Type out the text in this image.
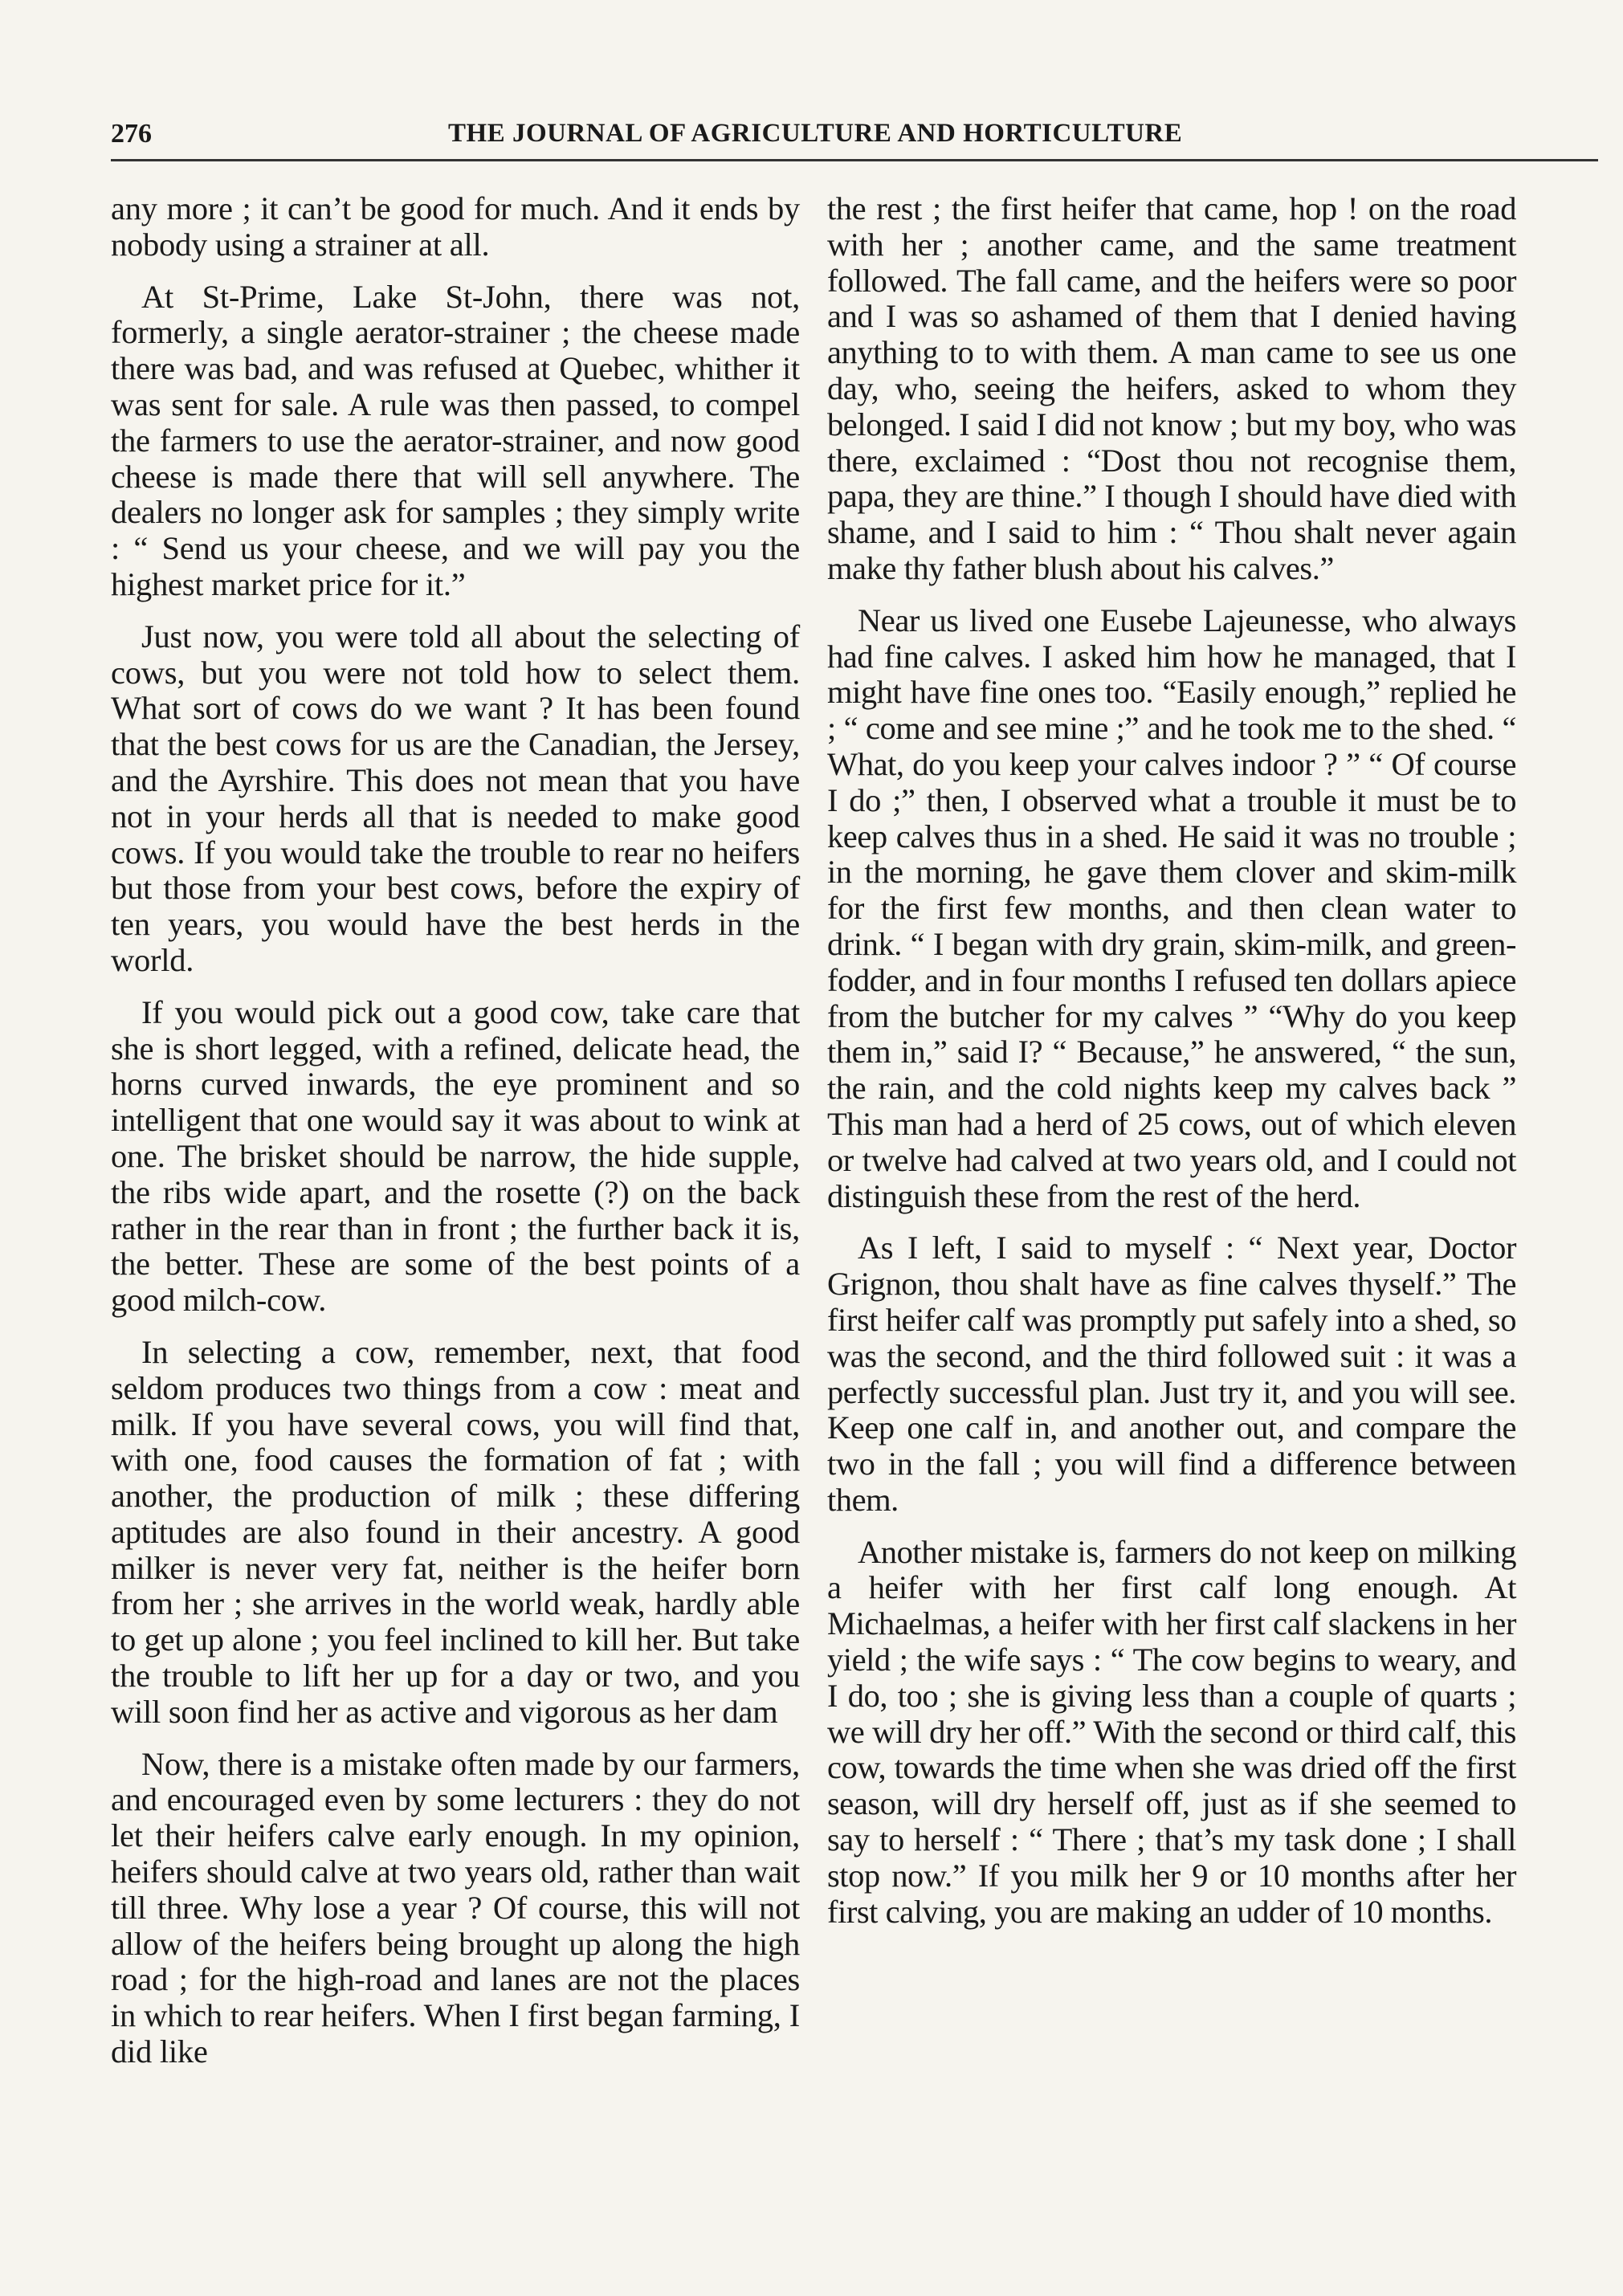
276	THE JOURNAL OF AGRICULTURE AND HORTICULTURE

any more ; it can’t be good for much. And it ends by nobody using a strainer at all.

At St-Prime, Lake St-John, there was not, formerly, a single aerator-strainer ; the cheese made there was bad, and was refused at Quebec, whither it was sent for sale. A rule was then passed, to compel the farmers to use the aerator-strainer, and now good cheese is made there that will sell anywhere. The dealers no longer ask for samples ; they simply write : “ Send us your cheese, and we will pay you the highest market price for it.”

Just now, you were told all about the selecting of cows, but you were not told how to select them. What sort of cows do we want ? It has been found that the best cows for us are the Canadian, the Jersey, and the Ayrshire. This does not mean that you have not in your herds all that is needed to make good cows. If you would take the trouble to rear no heifers but those from your best cows, before the expiry of ten years, you would have the best herds in the world.

If you would pick out a good cow, take care that she is short legged, with a refined, delicate head, the horns curved inwards, the eye prominent and so intelligent that one would say it was about to wink at one. The brisket should be narrow, the hide supple, the ribs wide apart, and the rosette (?) on the back rather in the rear than in front ; the further back it is, the better. These are some of the best points of a good milch-cow.

In selecting a cow, remember, next, that food seldom produces two things from a cow : meat and milk. If you have several cows, you will find that, with one, food causes the formation of fat ; with another, the production of milk ; these differing aptitudes are also found in their ancestry. A good milker is never very fat, neither is the heifer born from her ; she arrives in the world weak, hardly able to get up alone ; you feel inclined to kill her. But take the trouble to lift her up for a day or two, and you will soon find her as active and vigorous as her dam

Now, there is a mistake often made by our farmers, and encouraged even by some lecturers : they do not let their heifers calve early enough. In my opinion, heifers should calve at two years old, rather than wait till three. Why lose a year ? Of course, this will not allow of the heifers being brought up along the high road ; for the high-road and lanes are not the places in which to rear heifers. When I first began farming, I did like

the rest ; the first heifer that came, hop ! on the road with her ; another came, and the same treatment followed. The fall came, and the heifers were so poor and I was so ashamed of them that I denied having anything to to with them. A man came to see us one day, who, seeing the heifers, asked to whom they belonged. I said I did not know ; but my boy, who was there, exclaimed : “Dost thou not recognise them, papa, they are thine.” I though I should have died with shame, and I said to him : “ Thou shalt never again make thy father blush about his calves.”

Near us lived one Eusebe Lajeunesse, who always had fine calves. I asked him how he managed, that I might have fine ones too. “Easily enough,” replied he ; “ come and see mine ;” and he took me to the shed. “ What, do you keep your calves indoor ? ” “ Of course I do ;” then, I observed what a trouble it must be to keep calves thus in a shed. He said it was no trouble ; in the morning, he gave them clover and skim-milk for the first few months, and then clean water to drink. “ I began with dry grain, skim-milk, and green-fodder, and in four months I refused ten dollars apiece from the butcher for my calves ” “Why do you keep them in,” said I? “ Because,” he answered, “ the sun, the rain, and the cold nights keep my calves back ” This man had a herd of 25 cows, out of which eleven or twelve had calved at two years old, and I could not distinguish these from the rest of the herd.

As I left, I said to myself : “ Next year, Doctor Grignon, thou shalt have as fine calves thyself.” The first heifer calf was promptly put safely into a shed, so was the second, and the third followed suit : it was a perfectly successful plan. Just try it, and you will see. Keep one calf in, and another out, and compare the two in the fall ; you will find a difference between them.

Another mistake is, farmers do not keep on milking a heifer with her first calf long enough. At Michaelmas, a heifer with her first calf slackens in her yield ; the wife says : “ The cow begins to weary, and I do, too ; she is giving less than a couple of quarts ; we will dry her off.” With the second or third calf, this cow, towards the time when she was dried off the first season, will dry herself off, just as if she seemed to say to herself : “ There ; that’s my task done ; I shall stop now.” If you milk her 9 or 10 months after her first calving, you are making an udder of 10 months.
